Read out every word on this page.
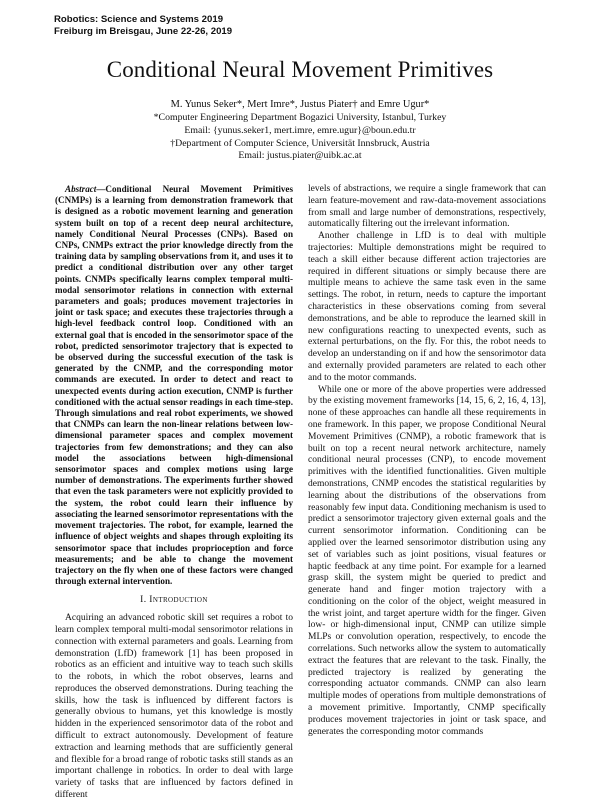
Robotics: Science and Systems 2019
Freiburg im Breisgau, June 22-26, 2019
Conditional Neural Movement Primitives
M. Yunus Seker*, Mert Imre*, Justus Piater† and Emre Ugur*
*Computer Engineering Department Bogazici University, Istanbul, Turkey
Email: {yunus.seker1, mert.imre, emre.ugur}@boun.edu.tr
†Department of Computer Science, Universität Innsbruck, Austria
Email: justus.piater@uibk.ac.at

Abstract—Conditional Neural Movement Primitives (CNMPs) is a learning from demonstration framework that is designed as a robotic movement learning and generation system built on top of a recent deep neural architecture, namely Conditional Neural Processes (CNPs). Based on CNPs, CNMPs extract the prior knowledge directly from the training data by sampling observations from it, and uses it to predict a conditional distribution over any other target points. CNMPs specifically learns complex temporal multi-modal sensorimotor relations in connection with external parameters and goals; produces movement trajectories in joint or task space; and executes these trajectories through a high-level feedback control loop. Conditioned with an external goal that is encoded in the sensorimotor space of the robot, predicted sensorimotor trajectory that is expected to be observed during the successful execution of the task is generated by the CNMP, and the corresponding motor commands are executed. In order to detect and react to unexpected events during action execution, CNMP is further conditioned with the actual sensor readings in each time-step. Through simulations and real robot experiments, we showed that CNMPs can learn the non-linear relations between low-dimensional parameter spaces and complex movement trajectories from few demonstrations; and they can also model the associations between high-dimensional sensorimotor spaces and complex motions using large number of demonstrations. The experiments further showed that even the task parameters were not explicitly provided to the system, the robot could learn their influence by associating the learned sensorimotor representations with the movement trajectories. The robot, for example, learned the influence of object weights and shapes through exploiting its sensorimotor space that includes proprioception and force measurements; and be able to change the movement trajectory on the fly when one of these factors were changed through external intervention.

I. Introduction

Acquiring an advanced robotic skill set requires a robot to learn complex temporal multi-modal sensorimotor relations in connection with external parameters and goals. Learning from demonstration (LfD) framework [1] has been proposed in robotics as an efficient and intuitive way to teach such skills to the robots, in which the robot observes, learns and reproduces the observed demonstrations. During teaching the skills, how the task is influenced by different factors is generally obvious to humans, yet this knowledge is mostly hidden in the experienced sensorimotor data of the robot and difficult to extract autonomously. Development of feature extraction and learning methods that are sufficiently general and flexible for a broad range of robotic tasks still stands as an important challenge in robotics. In order to deal with large variety of tasks that are influenced by factors defined in different

levels of abstractions, we require a single framework that can learn feature-movement and raw-data-movement associations from small and large number of demonstrations, respectively, automatically filtering out the irrelevant information.

Another challenge in LfD is to deal with multiple trajectories: Multiple demonstrations might be required to teach a skill either because different action trajectories are required in different situations or simply because there are multiple means to achieve the same task even in the same settings. The robot, in return, needs to capture the important characteristics in these observations coming from several demonstrations, and be able to reproduce the learned skill in new configurations reacting to unexpected events, such as external perturbations, on the fly. For this, the robot needs to develop an understanding on if and how the sensorimotor data and externally provided parameters are related to each other and to the motor commands.

While one or more of the above properties were addressed by the existing movement frameworks [14, 15, 6, 2, 16, 4, 13], none of these approaches can handle all these requirements in one framework. In this paper, we propose Conditional Neural Movement Primitives (CNMP), a robotic framework that is built on top a recent neural network architecture, namely conditional neural processes (CNP), to encode movement primitives with the identified functionalities. Given multiple demonstrations, CNMP encodes the statistical regularities by learning about the distributions of the observations from reasonably few input data. Conditioning mechanism is used to predict a sensorimotor trajectory given external goals and the current sensorimotor information. Conditioning can be applied over the learned sensorimotor distribution using any set of variables such as joint positions, visual features or haptic feedback at any time point. For example for a learned grasp skill, the system might be queried to predict and generate hand and finger motion trajectory with a conditioning on the color of the object, weight measured in the wrist joint, and target aperture width for the finger. Given low- or high-dimensional input, CNMP can utilize simple MLPs or convolution operation, respectively, to encode the correlations. Such networks allow the system to automatically extract the features that are relevant to the task. Finally, the predicted trajectory is realized by generating the corresponding actuator commands. CNMP can also learn multiple modes of operations from multiple demonstrations of a movement primitive. Importantly, CNMP specifically produces movement trajectories in joint or task space, and generates the corresponding motor commands
